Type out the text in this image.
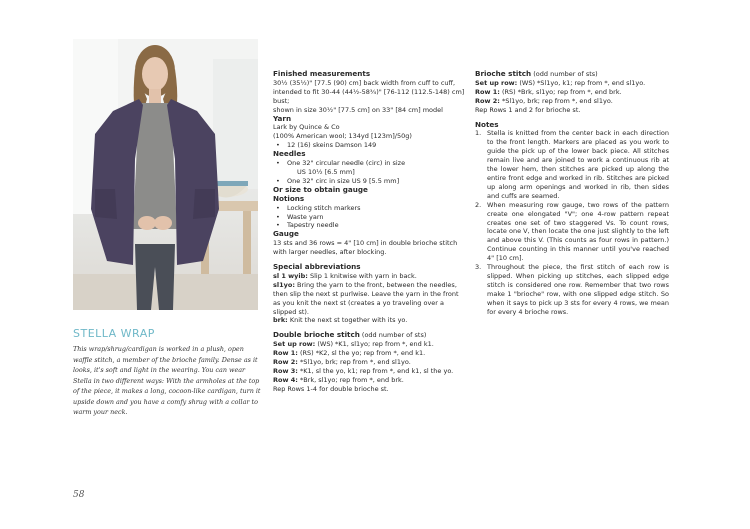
STELLA WRAP

This wrap/shrug/cardigan is worked in a plush, open waffle stitch, a member of the brioche family. Dense as it looks, it's soft and light in the wearing. You can wear Stella in two different ways: With the armholes at the top of the piece, it makes a long, cocoon-like cardigan, turn it upside down and you have a comfy shrug with a collar to warm your neck.

58

Finished measurements

30½ (35½)" [77.5 (90) cm] back width from cuff to cuff, intended to fit 30-44 (44½-58¾)" [76-112 (112.5-148) cm] bust;

shown in size 30½" [77.5 cm] on 33" [84 cm] model

Yarn

Lark by Quince & Co

(100% American wool; 134yd [123m]/50g)

• 12 (16) skeins Damson 149

Needles

• One 32" circular needle (circ) in size

US 10½ [6.5 mm]

• One 32" circ in size US 9 [5.5 mm]

Or size to obtain gauge

Notions

• Locking stitch markers
• Waste yarn
• Tapestry needle

Gauge

13 sts and 36 rows = 4" [10 cm] in double brioche stitch with larger needles, after blocking.

Special abbreviations

sl 1 wyib: Slip 1 knitwise with yarn in back.

sl1yo: Bring the yarn to the front, between the needles, then slip the next st purlwise. Leave the yarn in the front as you knit the next st (creates a yo traveling over a slipped st).

brk: Knit the next st together with its yo.

Double brioche stitch (odd number of sts)

Set up row: (WS) *K1, sl1yo; rep from *, end k1.

Row 1: (RS) *K2, sl the yo; rep from *, end k1.

Row 2: *Sl1yo, brk; rep from *, end sl1yo.

Row 3: *K1, sl the yo, k1; rep from *, end k1, sl the yo.

Row 4: *Brk, sl1yo; rep from *, end brk.

Rep Rows 1-4 for double brioche st.

Brioche stitch (odd number of sts)

Set up row: (WS) *Sl1yo, k1; rep from *, end sl1yo.

Row 1: (RS) *Brk, sl1yo; rep from *, end brk.

Row 2: *Sl1yo, brk; rep from *, end sl1yo.

Rep Rows 1 and 2 for brioche st.

Notes

1. Stella is knitted from the center back in each direction to the front length. Markers are placed as you work to guide the pick up of the lower back piece. All stitches remain live and are joined to work a continuous rib at the lower hem, then stitches are picked up along the entire front edge and worked in rib. Stitches are picked up along arm openings and worked in rib, then sides and cuffs are seamed.
2. When measuring row gauge, two rows of the pattern create one elongated "V"; one 4-row pattern repeat creates one set of two staggered Vs. To count rows, locate one V, then locate the one just slightly to the left and above this V. (This counts as four rows in pattern.) Continue counting in this manner until you've reached 4" [10 cm].
3. Throughout the piece, the first stitch of each row is slipped. When picking up stitches, each slipped edge stitch is considered one row. Remember that two rows make 1 "brioche" row, with one slipped edge stitch. So when it says to pick up 3 sts for every 4 rows, we mean for every 4 brioche rows.
